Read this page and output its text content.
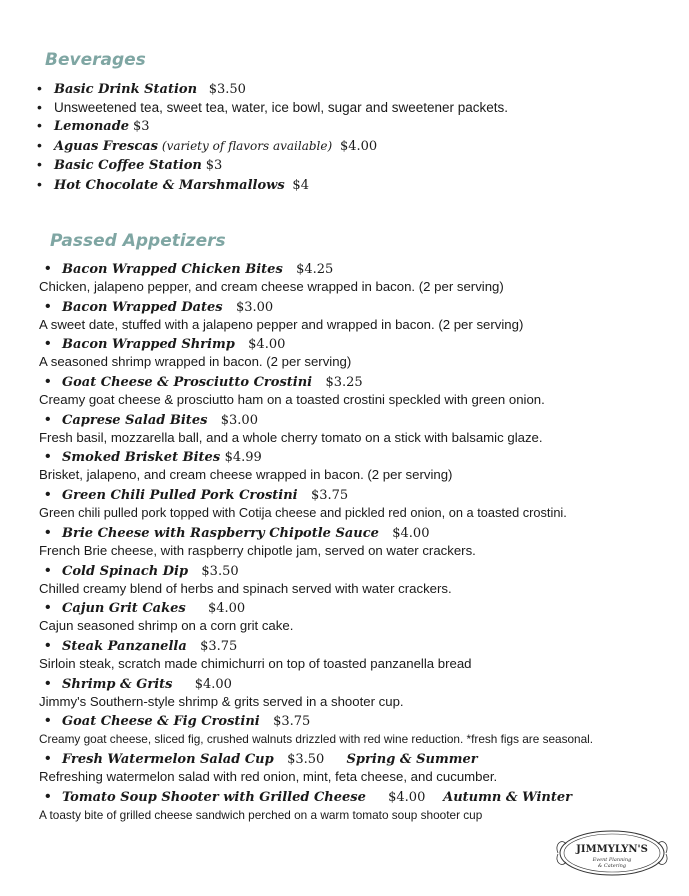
Beverages
• Basic Drink Station $3.50
• Unsweetened tea, sweet tea, water, ice bowl, sugar and sweetener packets.
• Lemonade $3
• Aguas Frescas (variety of flavors available) $4.00
• Basic Coffee Station $3
• Hot Chocolate & Marshmallows $4
Passed Appetizers
• Bacon Wrapped Chicken Bites $4.25
Chicken, jalapeno pepper, and cream cheese wrapped in bacon. (2 per serving)
• Bacon Wrapped Dates $3.00
A sweet date, stuffed with a jalapeno pepper and wrapped in bacon. (2 per serving)
• Bacon Wrapped Shrimp $4.00
A seasoned shrimp wrapped in bacon. (2 per serving)
• Goat Cheese & Prosciutto Crostini $3.25
Creamy goat cheese & prosciutto ham on a toasted crostini speckled with green onion.
• Caprese Salad Bites $3.00
Fresh basil, mozzarella ball, and a whole cherry tomato on a stick with balsamic glaze.
• Smoked Brisket Bites $4.99
Brisket, jalapeno, and cream cheese wrapped in bacon. (2 per serving)
• Green Chili Pulled Pork Crostini $3.75
Green chili pulled pork topped with Cotija cheese and pickled red onion, on a toasted crostini.
• Brie Cheese with Raspberry Chipotle Sauce $4.00
French Brie cheese, with raspberry chipotle jam, served on water crackers.
• Cold Spinach Dip $3.50
Chilled creamy blend of herbs and spinach served with water crackers.
• Cajun Grit Cakes $4.00
Cajun seasoned shrimp on a corn grit cake.
• Steak Panzanella $3.75
Sirloin steak, scratch made chimichurri on top of toasted panzanella bread
• Shrimp & Grits $4.00
Jimmy's Southern-style shrimp & grits served in a shooter cup.
• Goat Cheese & Fig Crostini $3.75
Creamy goat cheese, sliced fig, crushed walnuts drizzled with red wine reduction. *fresh figs are seasonal.
• Fresh Watermelon Salad Cup $3.50 Spring & Summer
Refreshing watermelon salad with red onion, mint, feta cheese, and cucumber.
• Tomato Soup Shooter with Grilled Cheese $4.00 Autumn & Winter
A toasty bite of grilled cheese sandwich perched on a warm tomato soup shooter cup
JIMMYLYN'S
Event Planning
& Catering
